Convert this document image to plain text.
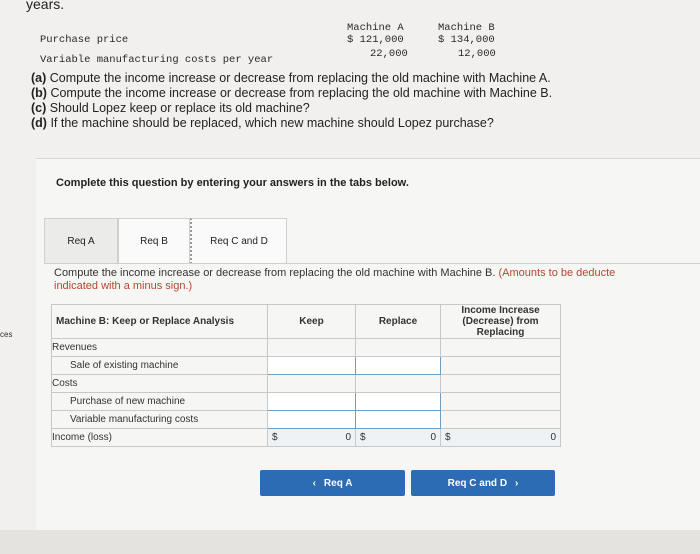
years.
Machine A	Machine B
Purchase price	$ 121,000	$ 134,000
Variable manufacturing costs per year	22,000	12,000
(a) Compute the income increase or decrease from replacing the old machine with Machine A.
(b) Compute the income increase or decrease from replacing the old machine with Machine B.
(c) Should Lopez keep or replace its old machine?
(d) If the machine should be replaced, which new machine should Lopez purchase?
Complete this question by entering your answers in the tabs below.
Req A	Req B	Req C and D
Compute the income increase or decrease from replacing the old machine with Machine B. (Amounts to be deducte
indicated with a minus sign.)
ces
Machine B: Keep or Replace Analysis	Keep	Replace	Income Increase (Decrease) from Replacing
Revenues			
Sale of existing machine			
Costs			
Purchase of new machine			
Variable manufacturing costs			
Income (loss)	$ 0	$ 0	$ 0
‹ Req A	Req C and D ›
